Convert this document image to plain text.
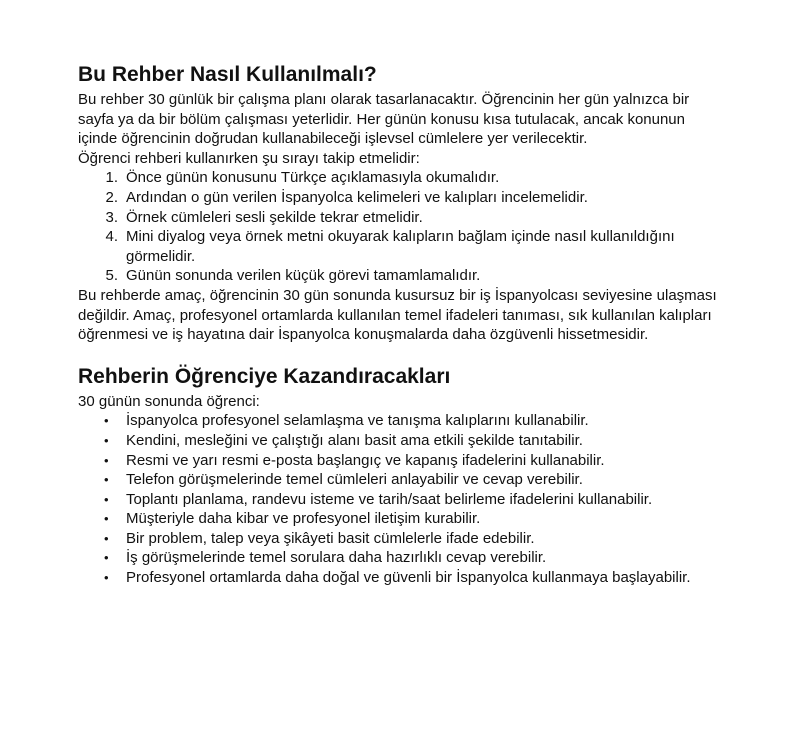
Bu Rehber Nasıl Kullanılmalı?

Bu rehber 30 günlük bir çalışma planı olarak tasarlanacaktır. Öğrencinin her gün yalnızca bir sayfa ya da bir bölüm çalışması yeterlidir. Her günün konusu kısa tutulacak, ancak konunun içinde öğrencinin doğrudan kullanabileceği işlevsel cümlelere yer verilecektir.

Öğrenci rehberi kullanırken şu sırayı takip etmelidir:

1. Önce günün konusunu Türkçe açıklamasıyla okumalıdır.
2. Ardından o gün verilen İspanyolca kelimeleri ve kalıpları incelemelidir.
3. Örnek cümleleri sesli şekilde tekrar etmelidir.
4. Mini diyalog veya örnek metni okuyarak kalıpların bağlam içinde nasıl kullanıldığını görmelidir.
5. Günün sonunda verilen küçük görevi tamamlamalıdır.

Bu rehberde amaç, öğrencinin 30 gün sonunda kusursuz bir iş İspanyolcası seviyesine ulaşması değildir. Amaç, profesyonel ortamlarda kullanılan temel ifadeleri tanıması, sık kullanılan kalıpları öğrenmesi ve iş hayatına dair İspanyolca konuşmalarda daha özgüvenli hissetmesidir.

Rehberin Öğrenciye Kazandıracakları

30 günün sonunda öğrenci:

• İspanyolca profesyonel selamlaşma ve tanışma kalıplarını kullanabilir.
• Kendini, mesleğini ve çalıştığı alanı basit ama etkili şekilde tanıtabilir.
• Resmi ve yarı resmi e-posta başlangıç ve kapanış ifadelerini kullanabilir.
• Telefon görüşmelerinde temel cümleleri anlayabilir ve cevap verebilir.
• Toplantı planlama, randevu isteme ve tarih/saat belirleme ifadelerini kullanabilir.
• Müşteriyle daha kibar ve profesyonel iletişim kurabilir.
• Bir problem, talep veya şikâyeti basit cümlelerle ifade edebilir.
• İş görüşmelerinde temel sorulara daha hazırlıklı cevap verebilir.
• Profesyonel ortamlarda daha doğal ve güvenli bir İspanyolca kullanmaya başlayabilir.
